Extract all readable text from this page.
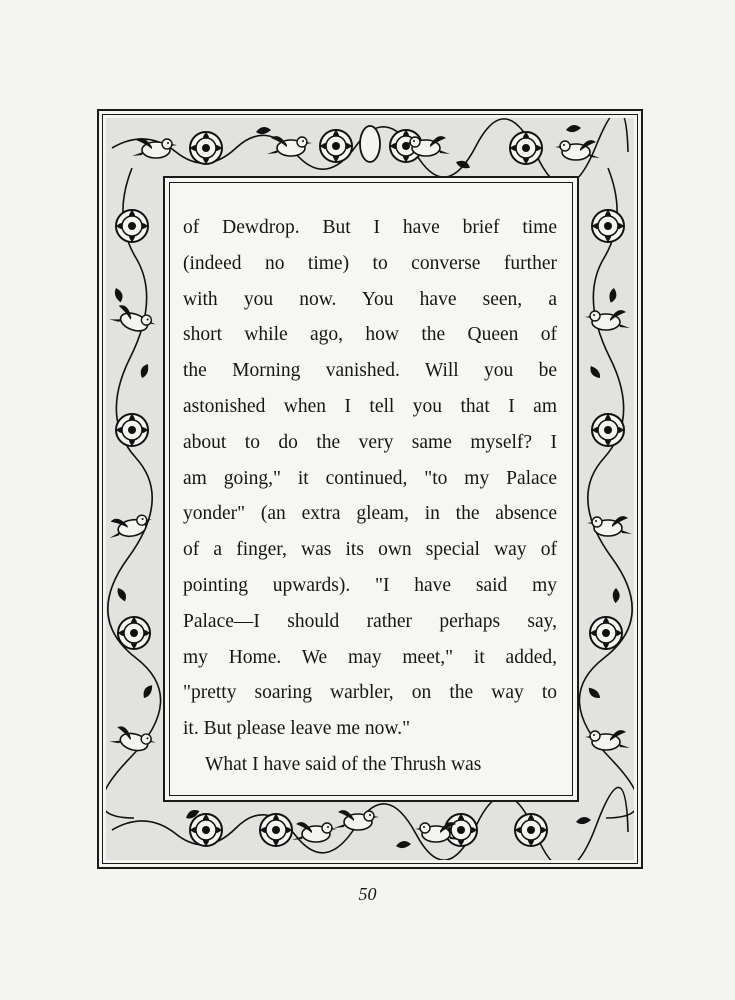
of Dewdrop. But I have brief time
(indeed no time) to converse further
with you now. You have seen, a
short while ago, how the Queen of
the Morning vanished. Will you be
astonished when I tell you that I am
about to do the very same myself? I
am going," it continued, "to my Palace
yonder" (an extra gleam, in the absence
of a finger, was its own special way of
pointing upwards). "I have said my
Palace—I should rather perhaps say,
my Home. We may meet," it added,
"pretty soaring warbler, on the way to
it. But please leave me now."
What I have said of the Thrush was
50
